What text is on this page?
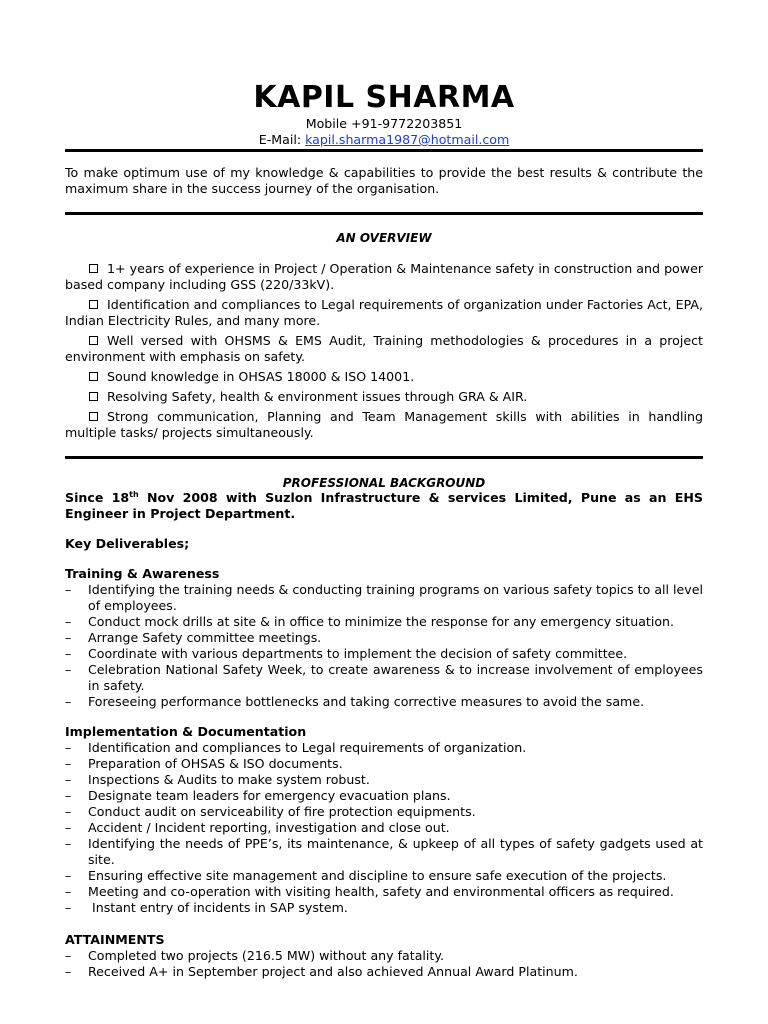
KAPIL SHARMA
Mobile +91-9772203851
E-Mail: kapil.sharma1987@hotmail.com
To make optimum use of my knowledge & capabilities to provide the best results & contribute the maximum share in the success journey of the organisation.
AN OVERVIEW
1+ years of experience in Project / Operation & Maintenance safety in construction and power based company including GSS (220/33kV).
Identification and compliances to Legal requirements of organization under Factories Act, EPA, Indian Electricity Rules, and many more.
Well versed with OHSMS & EMS Audit, Training methodologies & procedures in a project environment with emphasis on safety.
Sound knowledge in OHSAS 18000 & ISO 14001.
Resolving Safety, health & environment issues through GRA & AIR.
Strong communication, Planning and Team Management skills with abilities in handling multiple tasks/ projects simultaneously.
PROFESSIONAL BACKGROUND
Since 18th Nov 2008 with Suzlon Infrastructure & services Limited, Pune as an EHS Engineer in Project Department.
Key Deliverables;
Training & Awareness
– Identifying the training needs & conducting training programs on various safety topics to all level of employees.
– Conduct mock drills at site & in office to minimize the response for any emergency situation.
– Arrange Safety committee meetings.
– Coordinate with various departments to implement the decision of safety committee.
– Celebration National Safety Week, to create awareness & to increase involvement of employees in safety.
– Foreseeing performance bottlenecks and taking corrective measures to avoid the same.
Implementation & Documentation
– Identification and compliances to Legal requirements of organization.
– Preparation of OHSAS & ISO documents.
– Inspections & Audits to make system robust.
– Designate team leaders for emergency evacuation plans.
– Conduct audit on serviceability of fire protection equipments.
– Accident / Incident reporting, investigation and close out.
– Identifying the needs of PPE’s, its maintenance, & upkeep of all types of safety gadgets used at site.
– Ensuring effective site management and discipline to ensure safe execution of the projects.
– Meeting and co-operation with visiting health, safety and environmental officers as required.
– Instant entry of incidents in SAP system.
ATTAINMENTS
– Completed two projects (216.5 MW) without any fatality.
– Received A+ in September project and also achieved Annual Award Platinum.
